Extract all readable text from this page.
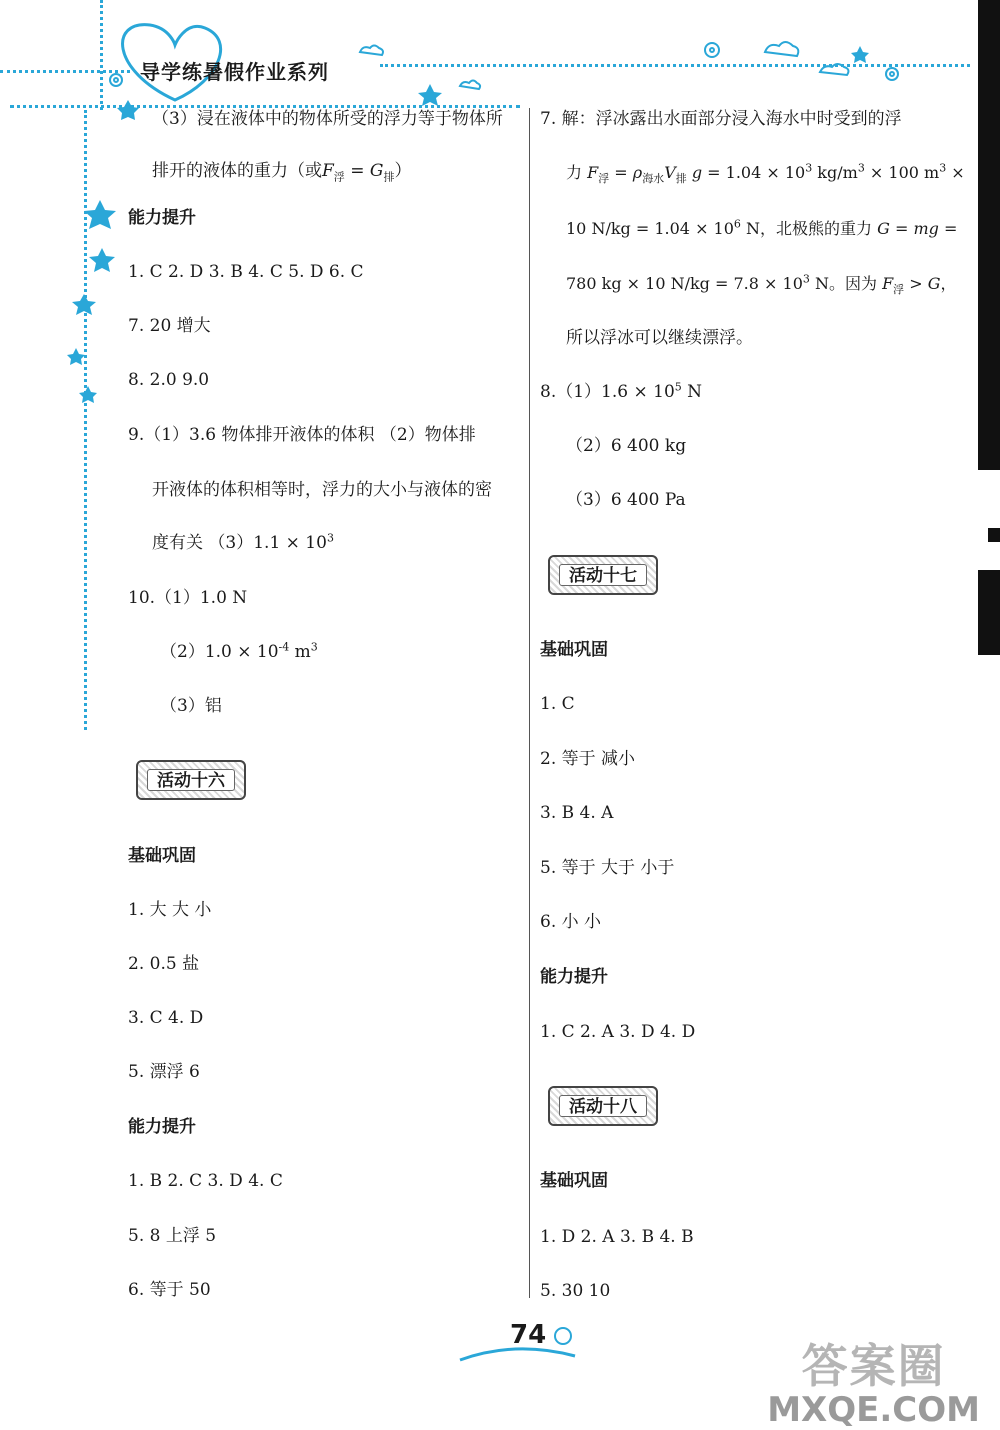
导学练暑假作业系列
（3）浸在液体中的物体所受的浮力等于物体所
排开的液体的重力（或$F_浮 = G_排$）
能力提升
1. C 2. D 3. B 4. C 5. D 6. C
7. 20 增大
8. 2.0 9.0
9.（1）3.6 物体排开液体的体积 （2）物体排
开液体的体积相等时，浮力的大小与液体的密
度有关 $(3)1.1 \times 10^3$
10.（1）1.0 N
$(2)1.0 \times 10^{-4}$ $m^3$
（3）铝
活动十六
基础巩固
1. 大 大 小
2. 0.5 盐
3. C 4. D
5. 漂浮 6
能力提升
1. B 2. C 3. D 4. C
5. 8 上浮 5
6. 等于 50
7. 解：浮冰露出水面部分浸入海水中时受到的浮
力 $F_浮 = \rho_{海水}V_排$ $g = 1.04 \times 10^3$ $kg/m^3 \times 100$ $m^3$ ×
10 $N/kg = 1.04 \times 10^6$ N，北极熊的重力 G = mg =
780 kg × 10 $N/kg = 7.8 \times 10^3$ N。因为 $F_浮 > G$，
所以浮冰可以继续漂浮。
$8.(1)1.6 \times 10^5$ N
（2）6 400 kg
（3）6 400 Pa
活动十七
基础巩固
1. C
2. 等于 减小
3. B 4. A
5. 等于 大于 小于
6. 小 小
能力提升
1. C 2. A 3. D 4. D
活动十八
基础巩固
1. D 2. A 3. B 4. B
5. 30 10
74
答案圈
MXQE.COM
